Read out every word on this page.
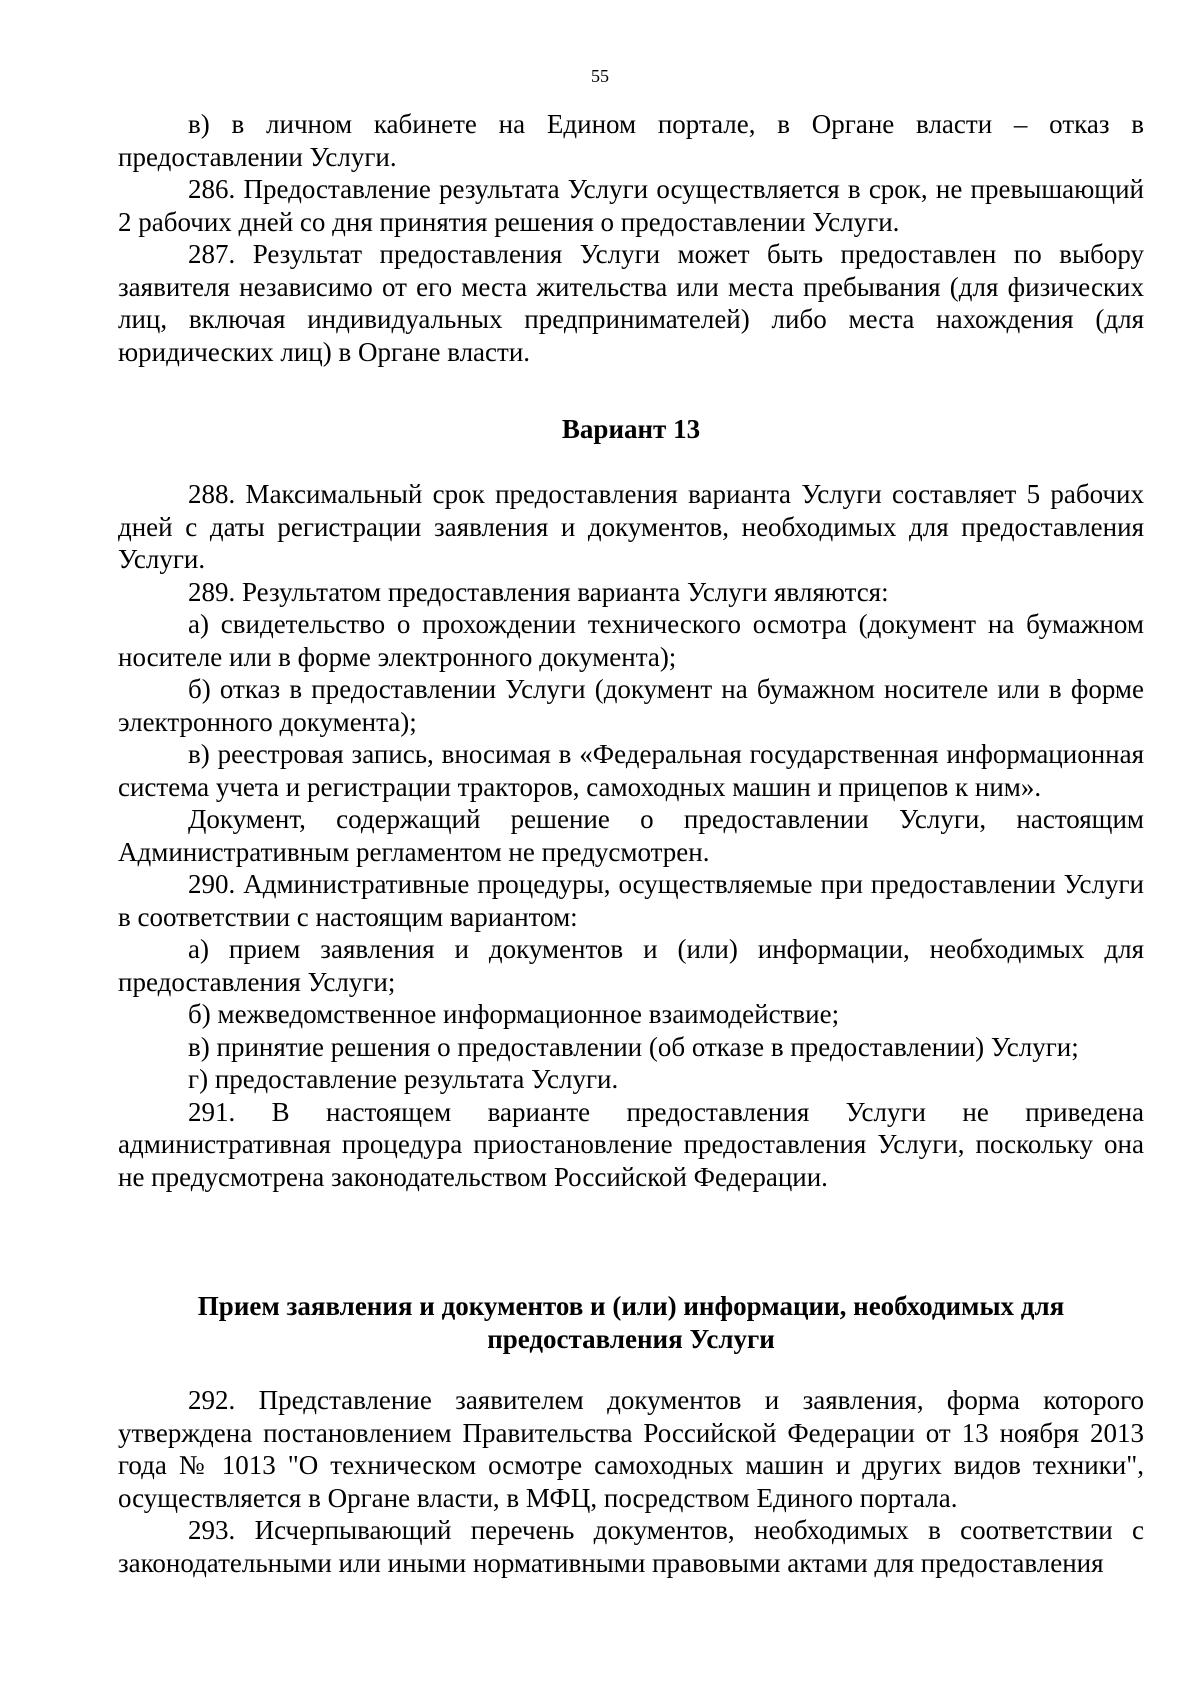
55

в) в личном кабинете на Едином портале, в Органе власти – отказ в предоставлении Услуги.

286. Предоставление результата Услуги осуществляется в срок, не превышающий 2 рабочих дней со дня принятия решения о предоставлении Услуги.

287. Результат предоставления Услуги может быть предоставлен по выбору заявителя независимо от его места жительства или места пребывания (для физических лиц, включая индивидуальных предпринимателей) либо места нахождения (для юридических лиц) в Органе власти.

Вариант 13

288. Максимальный срок предоставления варианта Услуги составляет 5 рабочих дней с даты регистрации заявления и документов, необходимых для предоставления Услуги.

289. Результатом предоставления варианта Услуги являются:

а) свидетельство о прохождении технического осмотра (документ на бумажном носителе или в форме электронного документа);

б) отказ в предоставлении Услуги (документ на бумажном носителе или в форме электронного документа);

в) реестровая запись, вносимая в «Федеральная государственная информационная система учета и регистрации тракторов, самоходных машин и прицепов к ним».

Документ, содержащий решение о предоставлении Услуги, настоящим Административным регламентом не предусмотрен.

290. Административные процедуры, осуществляемые при предоставлении Услуги в соответствии с настоящим вариантом:

а) прием заявления и документов и (или) информации, необходимых для предоставления Услуги;

б) межведомственное информационное взаимодействие;

в) принятие решения о предоставлении (об отказе в предоставлении) Услуги;

г) предоставление результата Услуги.

291. В настоящем варианте предоставления Услуги не приведена административная процедура приостановление предоставления Услуги, поскольку она не предусмотрена законодательством Российской Федерации.

Прием заявления и документов и (или) информации, необходимых для

предоставления Услуги

292. Представление заявителем документов и заявления, форма которого утверждена постановлением Правительства Российской Федерации от 13 ноября 2013 года № 1013 "О техническом осмотре самоходных машин и других видов техники", осуществляется в Органе власти, в МФЦ, посредством Единого портала.

293. Исчерпывающий перечень документов, необходимых в соответствии с законодательными или иными нормативными правовыми актами для предоставления
